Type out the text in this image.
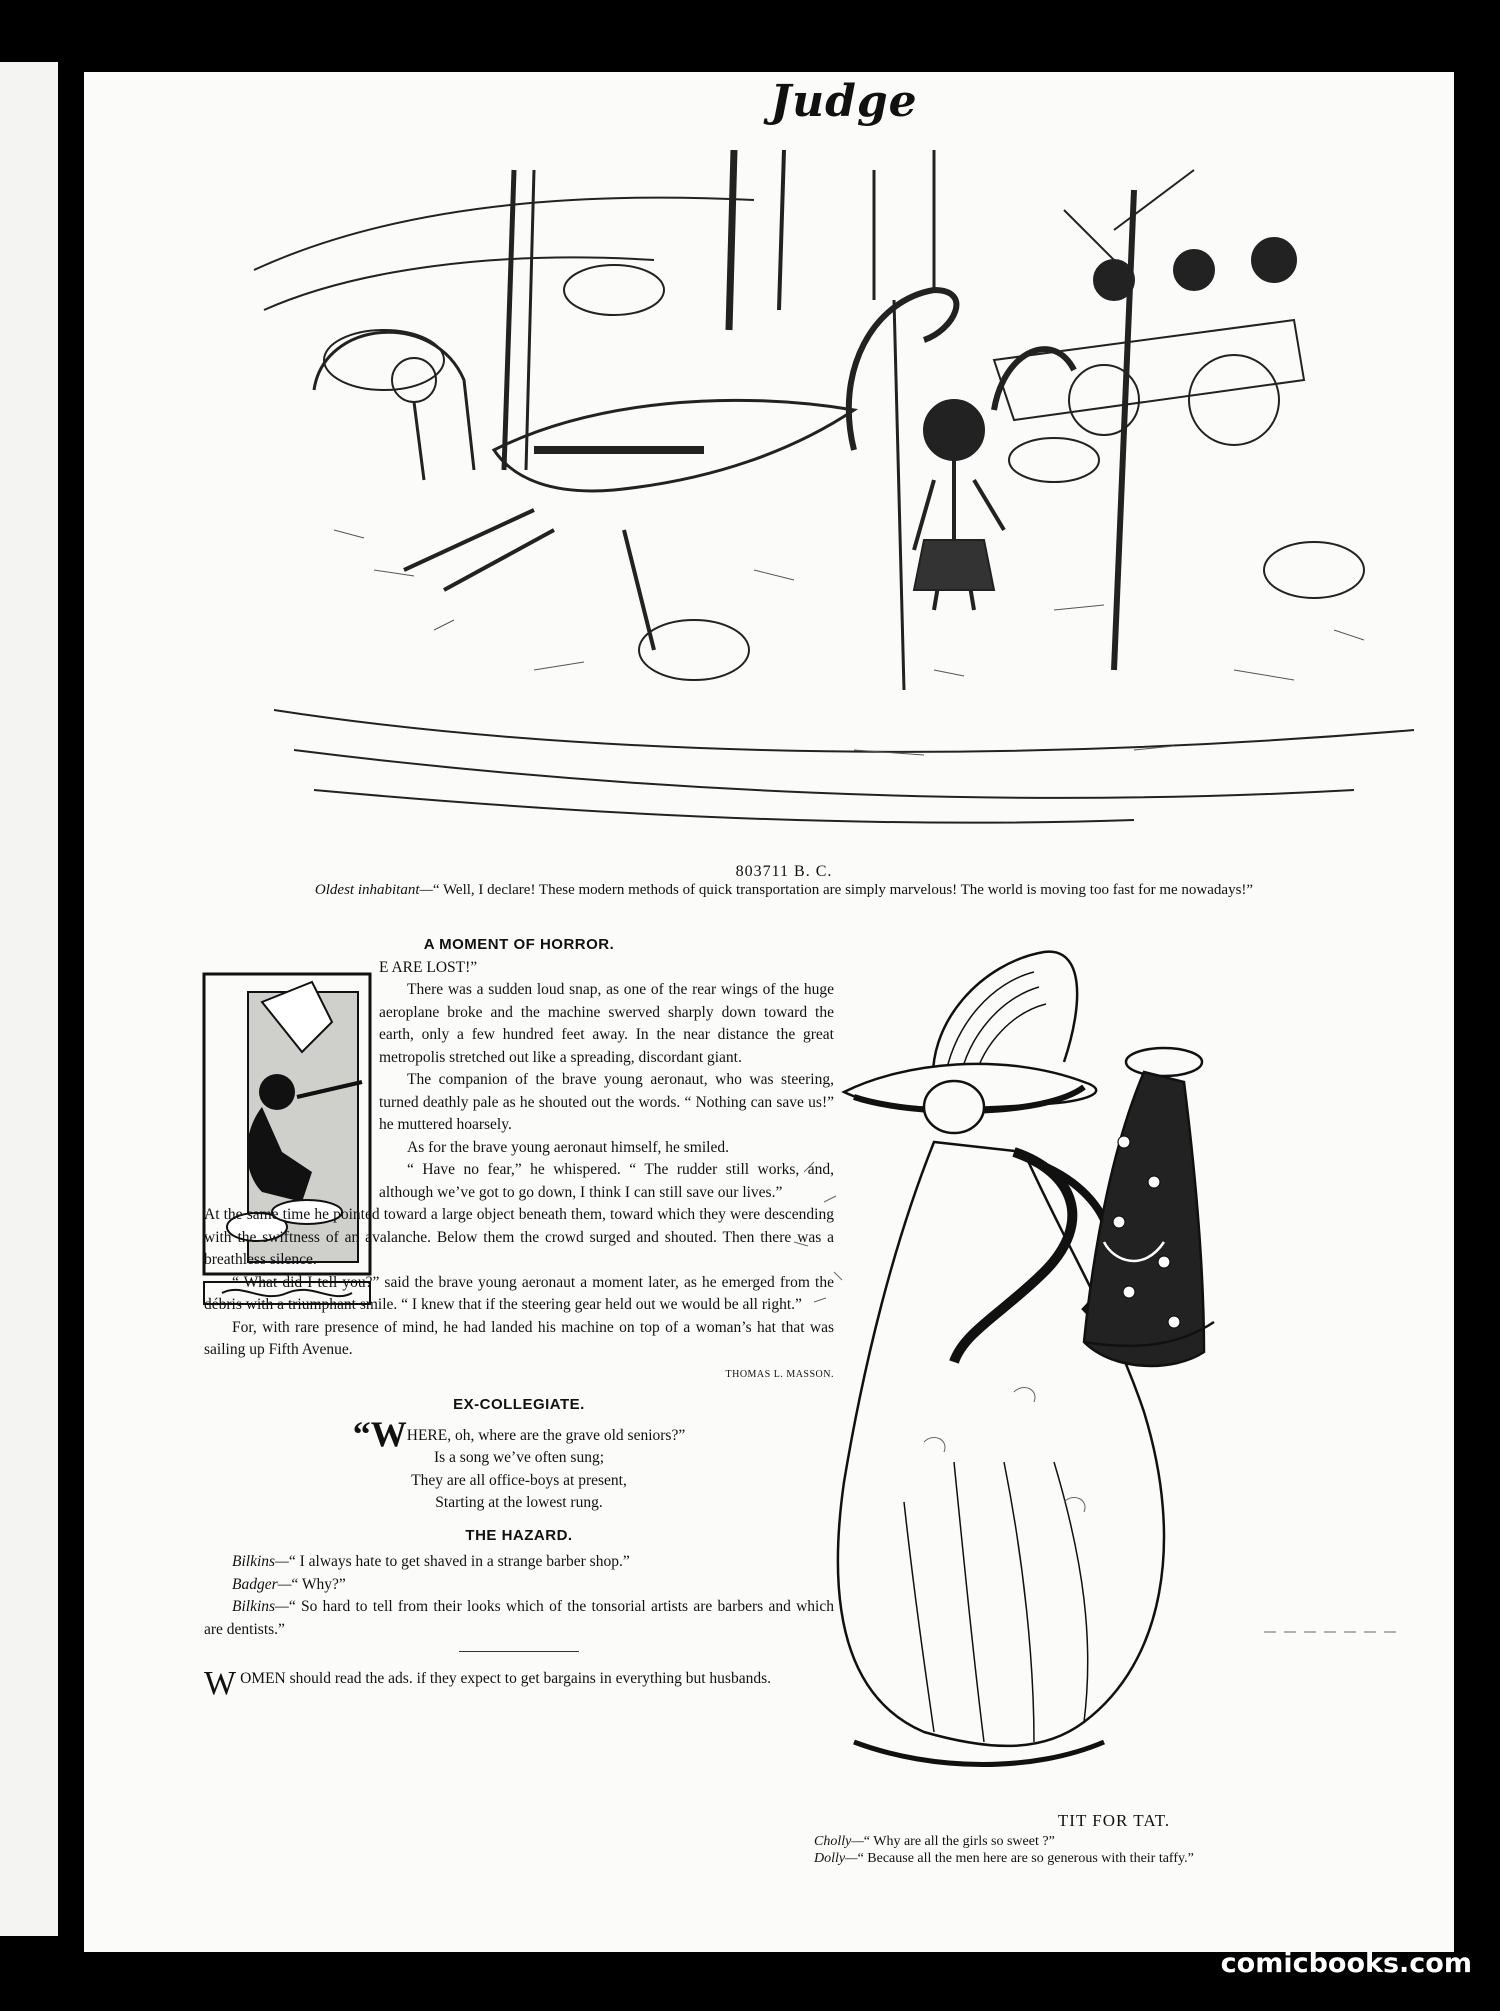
Judge
803711 B. C.
Oldest inhabitant—“ Well, I declare! These modern methods of quick transportation are simply marvelous! The world is moving too fast for me nowadays!”
A MOMENT OF HORROR.

E ARE LOST!”

There was a sudden loud snap, as one of the rear wings of the huge aeroplane broke and the machine swerved sharply down toward the earth, only a few hundred feet away. In the near distance the great metropolis stretched out like a spreading, discordant giant.

The companion of the brave young aeronaut, who was steering, turned deathly pale as he shouted out the words. “ Nothing can save us!” he muttered hoarsely.

As for the brave young aeronaut himself, he smiled.

“ Have no fear,” he whispered. “ The rudder still works, and, although we’ve got to go down, I think I can still save our lives.”

At the same time he pointed toward a large object beneath them, toward which they were descending with the swiftness of an avalanche. Below them the crowd surged and shouted. Then there was a breathless silence.

“ What did I tell you?” said the brave young aeronaut a moment later, as he emerged from the débris with a triumphant smile. “ I knew that if the steering gear held out we would be all right.”

For, with rare presence of mind, he had landed his machine on top of a woman’s hat that was sailing up Fifth Avenue.

THOMAS L. MASSON.
EX-COLLEGIATE.
“WHERE, oh, where are the grave old seniors?”
Is a song we’ve often sung;
They are all office-boys at present,
Starting at the lowest rung.
THE HAZARD.

Bilkins—“ I always hate to get shaved in a strange barber shop.”

Badger—“ Why?”

Bilkins—“ So hard to tell from their looks which of the tonsorial artists are barbers and which are dentists.”

WOMEN should read the ads. if they expect to get bargains in everything but husbands.
TIT FOR TAT.
Cholly—“ Why are all the girls so sweet ?”
Dolly—“ Because all the men here are so generous with their taffy.”
comicbooks.com
